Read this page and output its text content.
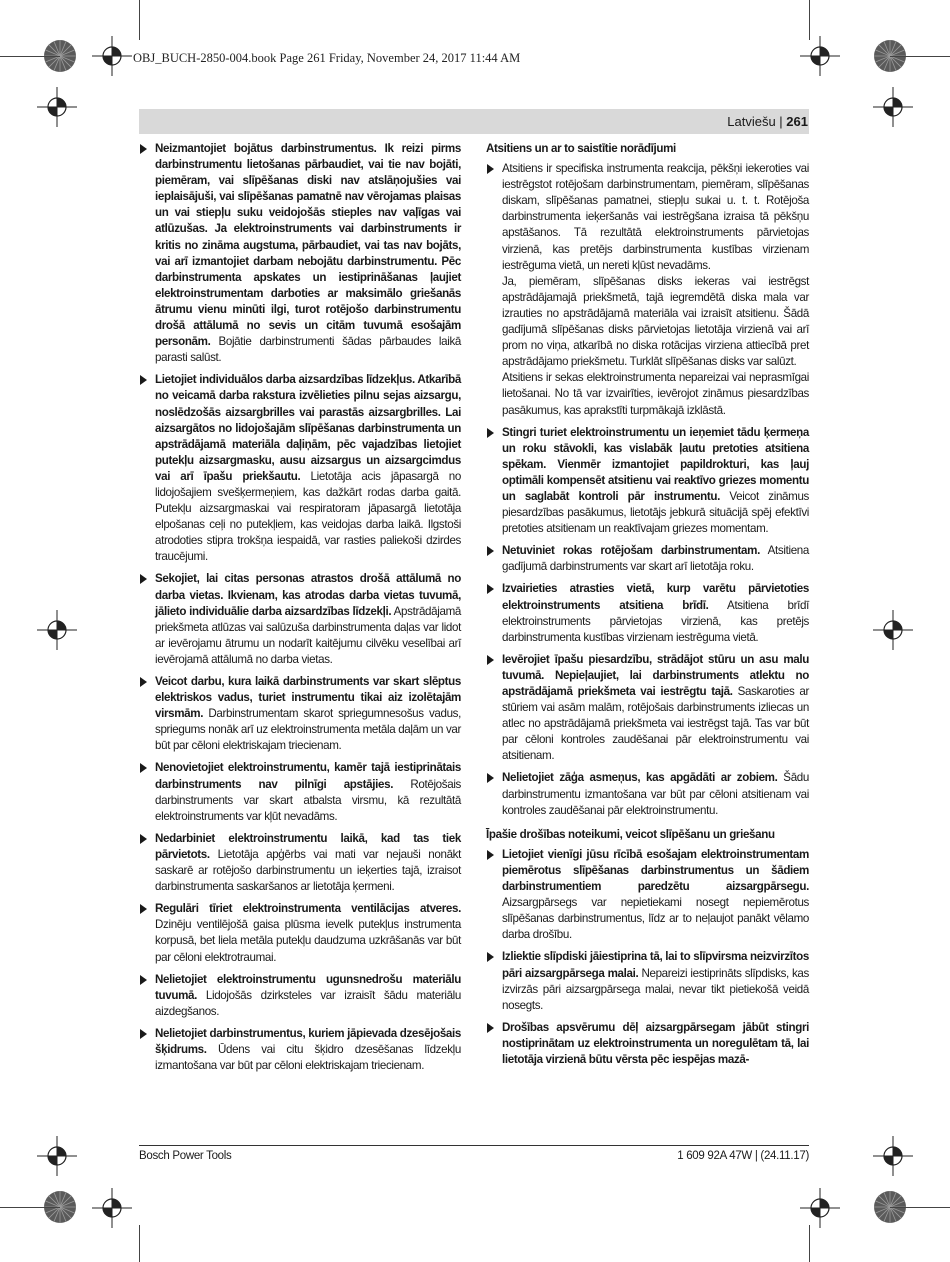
OBJ_BUCH-2850-004.book Page 261 Friday, November 24, 2017 11:44 AM
Latviešu | 261
Neizmantojiet bojātus darbinstrumentus. Ik reizi pirms darbinstrumentu lietošanas pārbaudiet, vai tie nav bojāti, piemēram, vai slīpēšanas diski nav atslāņojušies vai ieplaisājuši, vai slīpēšanas pamatnē nav vērojamas plaisas un vai stiepļu suku veidojošās stieples nav vaļīgas vai atlūzušas. Ja elektroinstruments vai darbinstruments ir kritis no zināma augstuma, pārbaudiet, vai tas nav bojāts, vai arī izmantojiet darbam nebojātu darbinstrumentu. Pēc darbinstrumenta apskates un iestiprināšanas ļaujiet elektroinstrumentam darboties ar maksimālo griešanās ātrumu vienu minūti ilgi, turot rotējošo darbinstrumentu drošā attālumā no sevis un citām tuvumā esošajām personām. Bojātie darbinstrumenti šādas pārbaudes laikā parasti salūst.
Lietojiet individuālos darba aizsardzības līdzekļus. Atkarībā no veicamā darba rakstura izvēlieties pilnu sejas aizsargu, noslēdzošās aizsargbrilles vai parastās aizsargbrilles. Lai aizsargātos no lidojošajām slīpēšanas darbinstrumenta un apstrādājamā materiāla daļiņām, pēc vajadzības lietojiet putekļu aizsargmasku, ausu aizsargus un aizsargcimdus vai arī īpašu priekšautu. Lietotāja acis jāpasargā no lidojošajiem svešķermeņiem, kas dažkārt rodas darba gaitā. Putekļu aizsargmaskai vai respiratoram jāpasargā lietotāja elpošanas ceļi no putekļiem, kas veidojas darba laikā. Ilgstoši atrodoties stipra trokšņa iespaidā, var rasties paliekoši dzirdes traucējumi.
Sekojiet, lai citas personas atrastos drošā attālumā no darba vietas. Ikvienam, kas atrodas darba vietas tuvumā, jālieto individuālie darba aizsardzības līdzekļi. Apstrādājamā priekšmeta atlūzas vai salūzuša darbinstrumenta daļas var lidot ar ievērojamu ātrumu un nodarīt kaitējumu cilvēku veselībai arī ievērojamā attālumā no darba vietas.
Veicot darbu, kura laikā darbinstruments var skart slēptus elektriskos vadus, turiet instrumentu tikai aiz izolētajām virsmām. Darbinstrumentam skarot spriegumnesošus vadus, spriegums nonāk arī uz elektroinstrumenta metāla daļām un var būt par cēloni elektriskajam triecienam.
Nenovietojiet elektroinstrumentu, kamēr tajā iestiprinātais darbinstruments nav pilnīgi apstājies. Rotējošais darbinstruments var skart atbalsta virsmu, kā rezultātā elektroinstruments var kļūt nevadāms.
Nedarbiniet elektroinstrumentu laikā, kad tas tiek pārvietots. Lietotāja apģērbs vai mati var nejauši nonākt saskarē ar rotējošo darbinstrumentu un ieķerties tajā, izraisot darbinstrumenta saskaršanos ar lietotāja ķermeni.
Regulāri tīriet elektroinstrumenta ventilācijas atveres. Dzinēju ventilējošā gaisa plūsma ievelk putekļus instrumenta korpusā, bet liela metāla putekļu daudzuma uzkrāšanās var būt par cēloni elektrotraumai.
Nelietojiet elektroinstrumentu ugunsnedrošu materiālu tuvumā. Lidojošās dzirksteles var izraisīt šādu materiālu aizdegšanos.
Nelietojiet darbinstrumentus, kuriem jāpievada dzesējošais šķidrums. Ūdens vai citu šķidro dzesēšanas līdzekļu izmantošana var būt par cēloni elektriskajam triecienam.
Atsitiens un ar to saistītie norādījumi
Atsitiens ir specifiska instrumenta reakcija, pēkšņi iekeroties vai iestrēgstot rotējošam darbinstrumentam, piemēram, slīpēšanas diskam, slīpēšanas pamatnei, stiepļu sukai u. t. t. Rotējoša darbinstrumenta ieķeršanās vai iestrēgšana izraisa tā pēkšņu apstāšanos. Tā rezultātā elektroinstruments pārvietojas virzienā, kas pretējs darbinstrumenta kustības virzienam iestrēguma vietā, un nereti kļūst nevadāms.
Ja, piemēram, slīpēšanas disks iekeras vai iestrēgst apstrādājamajā priekšmetā, tajā iegremdētā diska mala var izrauties no apstrādājamā materiāla vai izraisīt atsitienu. Šādā gadījumā slīpēšanas disks pārvietojas lietotāja virzienā vai arī prom no viņa, atkarībā no diska rotācijas virziena attiecībā pret apstrādājamo priekšmetu. Turklāt slīpēšanas disks var salūzt.
Atsitiens ir sekas elektroinstrumenta nepareizai vai neprasmīgai lietošanai. No tā var izvairīties, ievērojot zināmus piesardzības pasākumus, kas aprakstīti turpmākajā izklāstā.
Stingri turiet elektroinstrumentu un ieņemiet tādu ķermeņa un roku stāvokli, kas vislabāk ļautu pretoties atsitiena spēkam. Vienmēr izmantojiet papildrokturi, kas ļauj optimāli kompensēt atsitienu vai reaktīvo griezes momentu un saglabāt kontroli pār instrumentu. Veicot zināmus piesardzības pasākumus, lietotājs jebkurā situācijā spēj efektīvi pretoties atsitienam un reaktīvajam griezes momentam.
Netuviniet rokas rotējošam darbinstrumentam. Atsitiena gadījumā darbinstruments var skart arī lietotāja roku.
Izvairieties atrasties vietā, kurp varētu pārvietoties elektroinstruments atsitiena brīdī. Atsitiena brīdī elektroinstruments pārvietojas virzienā, kas pretējs darbinstrumenta kustības virzienam iestrēguma vietā.
Ievērojiet īpašu piesardzību, strādājot stūru un asu malu tuvumā. Nepieļaujiet, lai darbinstruments atlektu no apstrādājamā priekšmeta vai iestrēgtu tajā. Saskaroties ar stūriem vai asām malām, rotējošais darbinstruments izliecas un atlec no apstrādājamā priekšmeta vai iestrēgst tajā. Tas var būt par cēloni kontroles zaudēšanai pār elektroinstrumentu vai atsitienam.
Nelietojiet zāģa asmeņus, kas apgādāti ar zobiem. Šādu darbinstrumentu izmantošana var būt par cēloni atsitienam vai kontroles zaudēšanai pār elektroinstrumentu.
Īpašie drošības noteikumi, veicot slīpēšanu un griešanu
Lietojiet vienīgi jūsu rīcībā esošajam elektroinstrumentam piemērotus slīpēšanas darbinstrumentus un šādiem darbinstrumentiem paredzētu aizsargpārsegu. Aizsargpārsegs var nepietiekami nosegt nepiemērotus slīpēšanas darbinstrumentus, līdz ar to neļaujot panākt vēlamo darba drošību.
Izliektie slīpdiski jāiestiprina tā, lai to slīpvirsma neizvirzītos pāri aizsargpārsega malai. Nepareizi iestiprināts slīpdisks, kas izvirzās pāri aizsargpārsega malai, nevar tikt pietiekošā veidā nosegts.
Drošības apsvērumu dēļ aizsargpārsegam jābūt stingri nostiprinātam uz elektroinstrumenta un noregulētam tā, lai lietotāja virzienā būtu vērsta pēc iespējas mazā-
Bosch Power Tools	1 609 92A 47W | (24.11.17)
